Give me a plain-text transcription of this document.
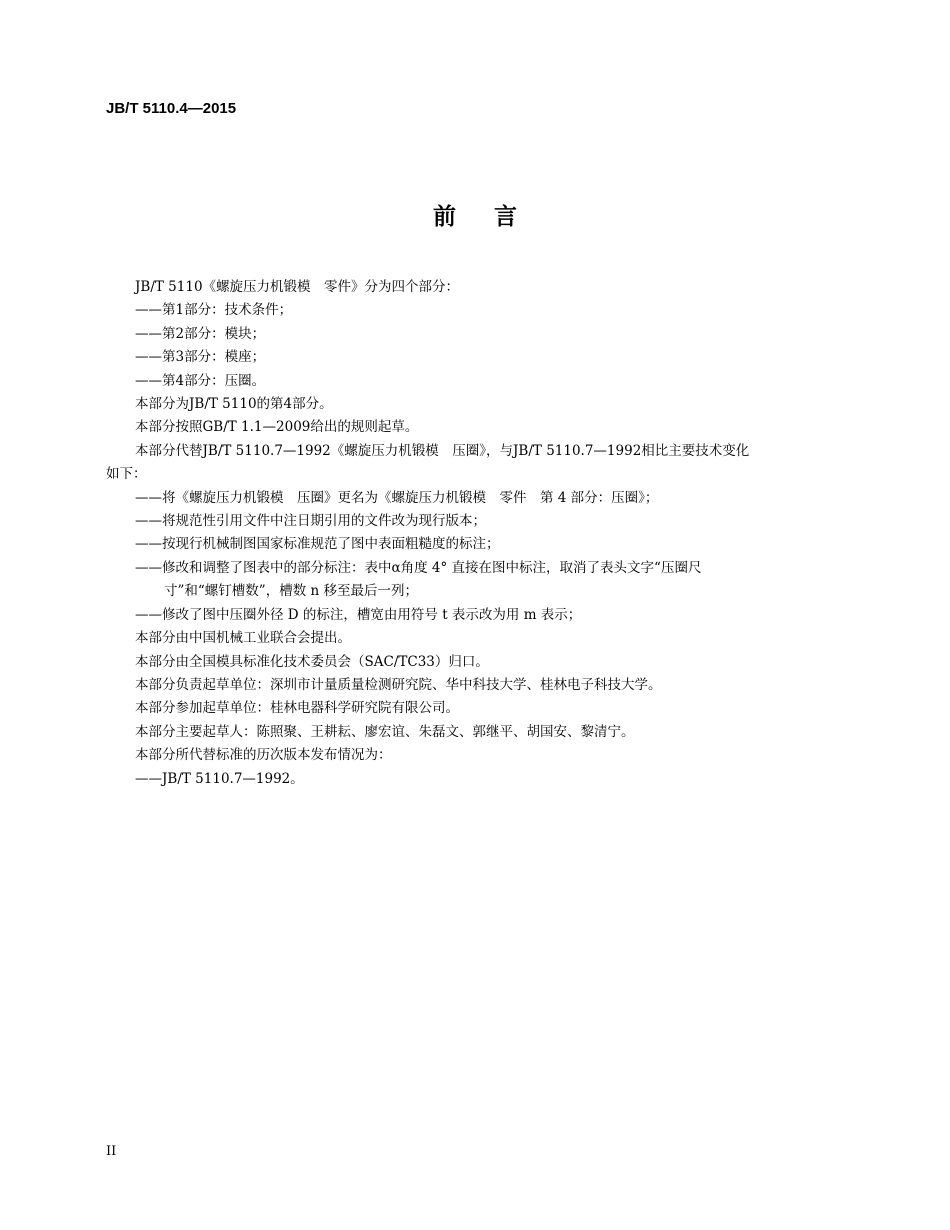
JB/T 5110.4—2015
前 言

JB/T 5110《螺旋压力机锻模　零件》分为四个部分：

——第1部分：技术条件；

——第2部分：模块；

——第3部分：模座；

——第4部分：压圈。

本部分为JB/T 5110的第4部分。

本部分按照GB/T 1.1—2009给出的规则起草。

本部分代替JB/T 5110.7—1992《螺旋压力机锻模　压圈》，与JB/T 5110.7—1992相比主要技术变化

如下：

——将《螺旋压力机锻模　压圈》更名为《螺旋压力机锻模　零件　第 4 部分：压圈》；

——将规范性引用文件中注日期引用的文件改为现行版本；

——按现行机械制图国家标准规范了图中表面粗糙度的标注；

——修改和调整了图表中的部分标注：表中α角度 4° 直接在图中标注，取消了表头文字“压圈尺

寸”和“螺钉槽数”，槽数 n 移至最后一列；

——修改了图中压圈外径 D 的标注，槽宽由用符号 t 表示改为用 m 表示；

本部分由中国机械工业联合会提出。

本部分由全国模具标准化技术委员会（SAC/TC33）归口。

本部分负责起草单位：深圳市计量质量检测研究院、华中科技大学、桂林电子科技大学。

本部分参加起草单位：桂林电器科学研究院有限公司。

本部分主要起草人：陈照聚、王耕耘、廖宏谊、朱磊文、郭继平、胡国安、黎清宁。

本部分所代替标准的历次版本发布情况为：

——JB/T 5110.7—1992。

II
